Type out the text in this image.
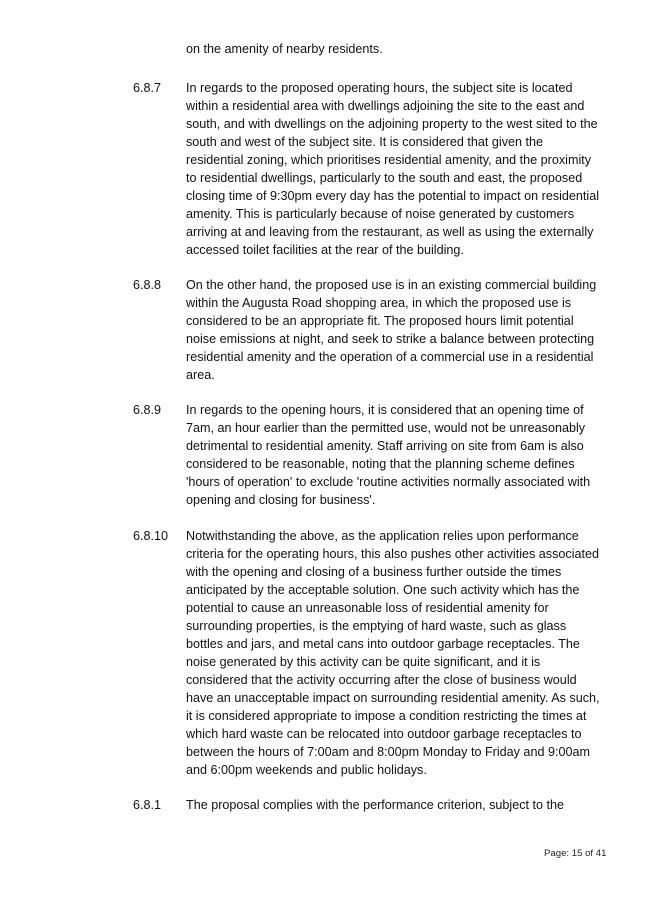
on the amenity of nearby residents.

6.8.7 In regards to the proposed operating hours, the subject site is located within a residential area with dwellings adjoining the site to the east and south, and with dwellings on the adjoining property to the west sited to the south and west of the subject site. It is considered that given the residential zoning, which prioritises residential amenity, and the proximity to residential dwellings, particularly to the south and east, the proposed closing time of 9:30pm every day has the potential to impact on residential amenity. This is particularly because of noise generated by customers arriving at and leaving from the restaurant, as well as using the externally accessed toilet facilities at the rear of the building.

6.8.8 On the other hand, the proposed use is in an existing commercial building within the Augusta Road shopping area, in which the proposed use is considered to be an appropriate fit. The proposed hours limit potential noise emissions at night, and seek to strike a balance between protecting residential amenity and the operation of a commercial use in a residential area.

6.8.9 In regards to the opening hours, it is considered that an opening time of 7am, an hour earlier than the permitted use, would not be unreasonably detrimental to residential amenity. Staff arriving on site from 6am is also considered to be reasonable, noting that the planning scheme defines 'hours of operation' to exclude 'routine activities normally associated with opening and closing for business'.

6.8.10 Notwithstanding the above, as the application relies upon performance criteria for the operating hours, this also pushes other activities associated with the opening and closing of a business further outside the times anticipated by the acceptable solution. One such activity which has the potential to cause an unreasonable loss of residential amenity for surrounding properties, is the emptying of hard waste, such as glass bottles and jars, and metal cans into outdoor garbage receptacles. The noise generated by this activity can be quite significant, and it is considered that the activity occurring after the close of business would have an unacceptable impact on surrounding residential amenity. As such, it is considered appropriate to impose a condition restricting the times at which hard waste can be relocated into outdoor garbage receptacles to between the hours of 7:00am and 8:00pm Monday to Friday and 9:00am and 6:00pm weekends and public holidays.

6.8.1 The proposal complies with the performance criterion, subject to the

Page: 15 of 41
